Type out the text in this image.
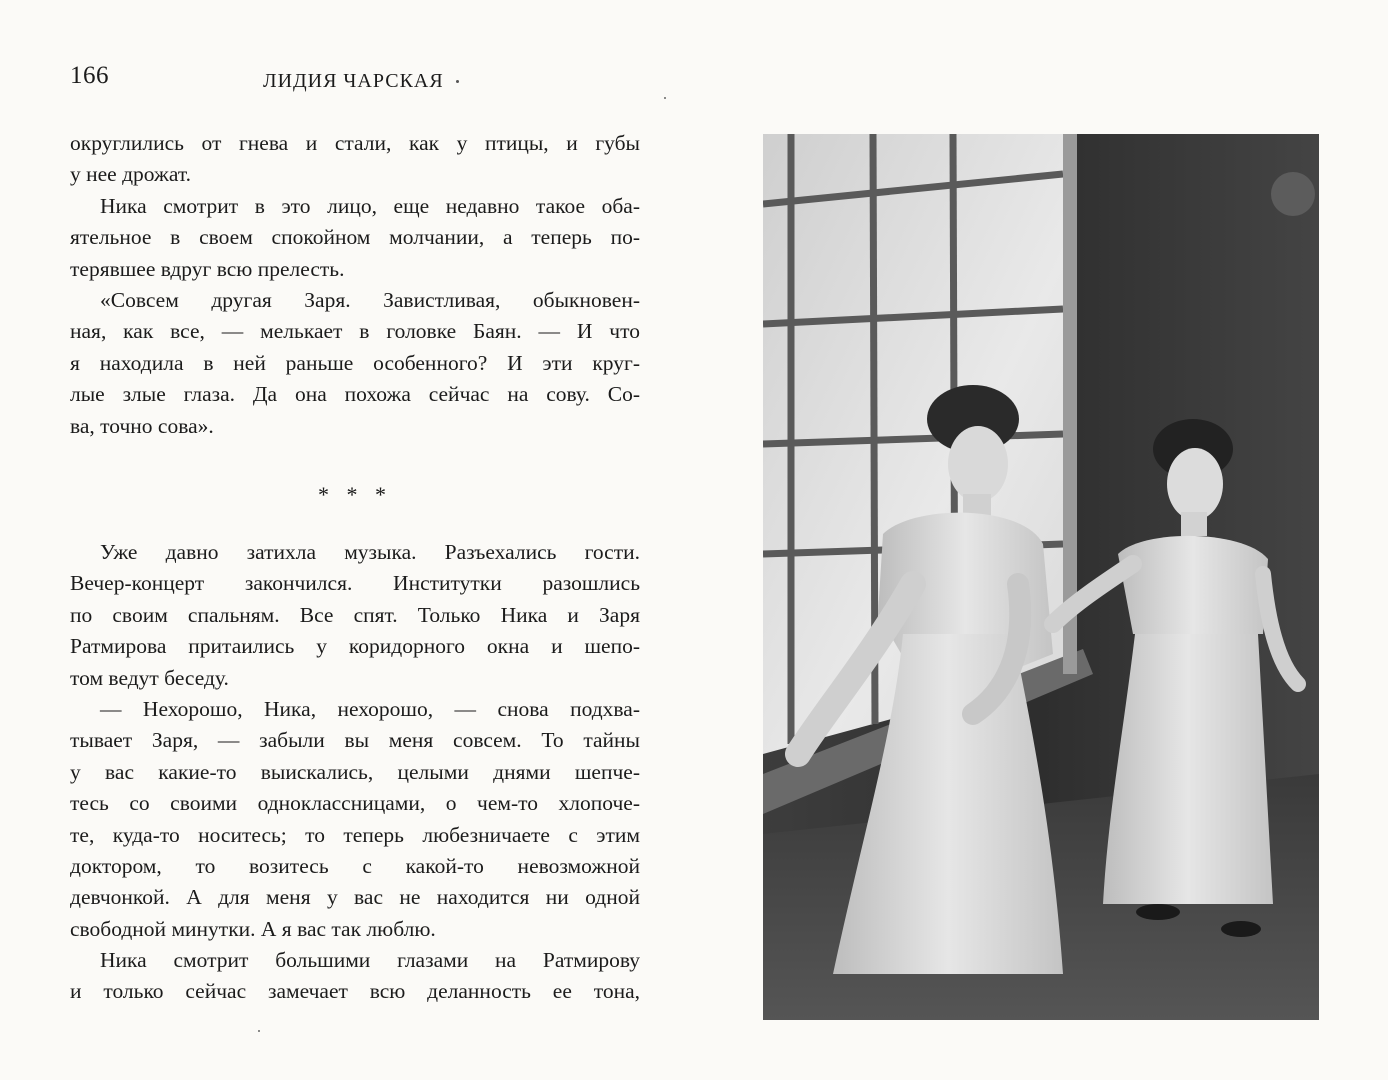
166	ЛИДИЯ ЧАРСКАЯ
округлились от гнева и стали, как у птицы, и губы
у нее дрожат.
Ника смотрит в это лицо, еще недавно такое оба-
ятельное в своем спокойном молчании, а теперь по-
терявшее вдруг всю прелесть.
«Совсем другая Заря. Завистливая, обыкновен-
ная, как все, — мелькает в головке Баян. — И что
я находила в ней раньше особенного? И эти круг-
лые злые глаза. Да она похожа сейчас на сову. Со-
ва, точно сова».
* * *
Уже давно затихла музыка. Разъехались гости.
Вечер-концерт закончился. Институтки разошлись
по своим спальням. Все спят. Только Ника и Заря
Ратмирова притаились у коридорного окна и шепо-
том ведут беседу.
— Нехорошо, Ника, нехорошо, — снова подхва-
тывает Заря, — забыли вы меня совсем. То тайны
у вас какие-то выискались, целыми днями шепче-
тесь со своими одноклассницами, о чем-то хлопоче-
те, куда-то носитесь; то теперь любезничаете с этим
доктором, то возитесь с какой-то невозможной
девчонкой. А для меня у вас не находится ни одной
свободной минутки. А я вас так люблю.
Ника смотрит большими глазами на Ратмирову
и только сейчас замечает всю деланность ее тона,
